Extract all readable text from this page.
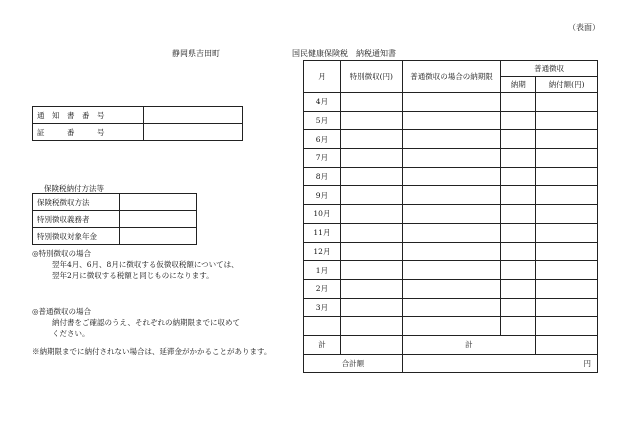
（表面）
静岡県吉田町	国民健康保険税　納税通知書
通　知　書　番　号	
証　　　番　　　号	
保険税納付方法等
保険税徴収方法	
特別徴収義務者	
特別徴収対象年金	
◎特別徴収の場合
翌年4月、6月、8月に徴収する仮徴収税額については、
翌年2月に徴収する税額と同じものになります。
◎普通徴収の場合
納付書をご確認のうえ、それぞれの納期限までに収めて
ください。
※納期限までに納付されない場合は、延滞金がかかることがあります。
月	特別徴収(円)	普通徴収の場合の納期限	普通徴収	
			納期	納付額(円)
4月				
5月				
6月				
7月				
8月				
9月				
10月				
11月				
12月				
1月				
2月				
3月				

計		計		
合計額		円		
